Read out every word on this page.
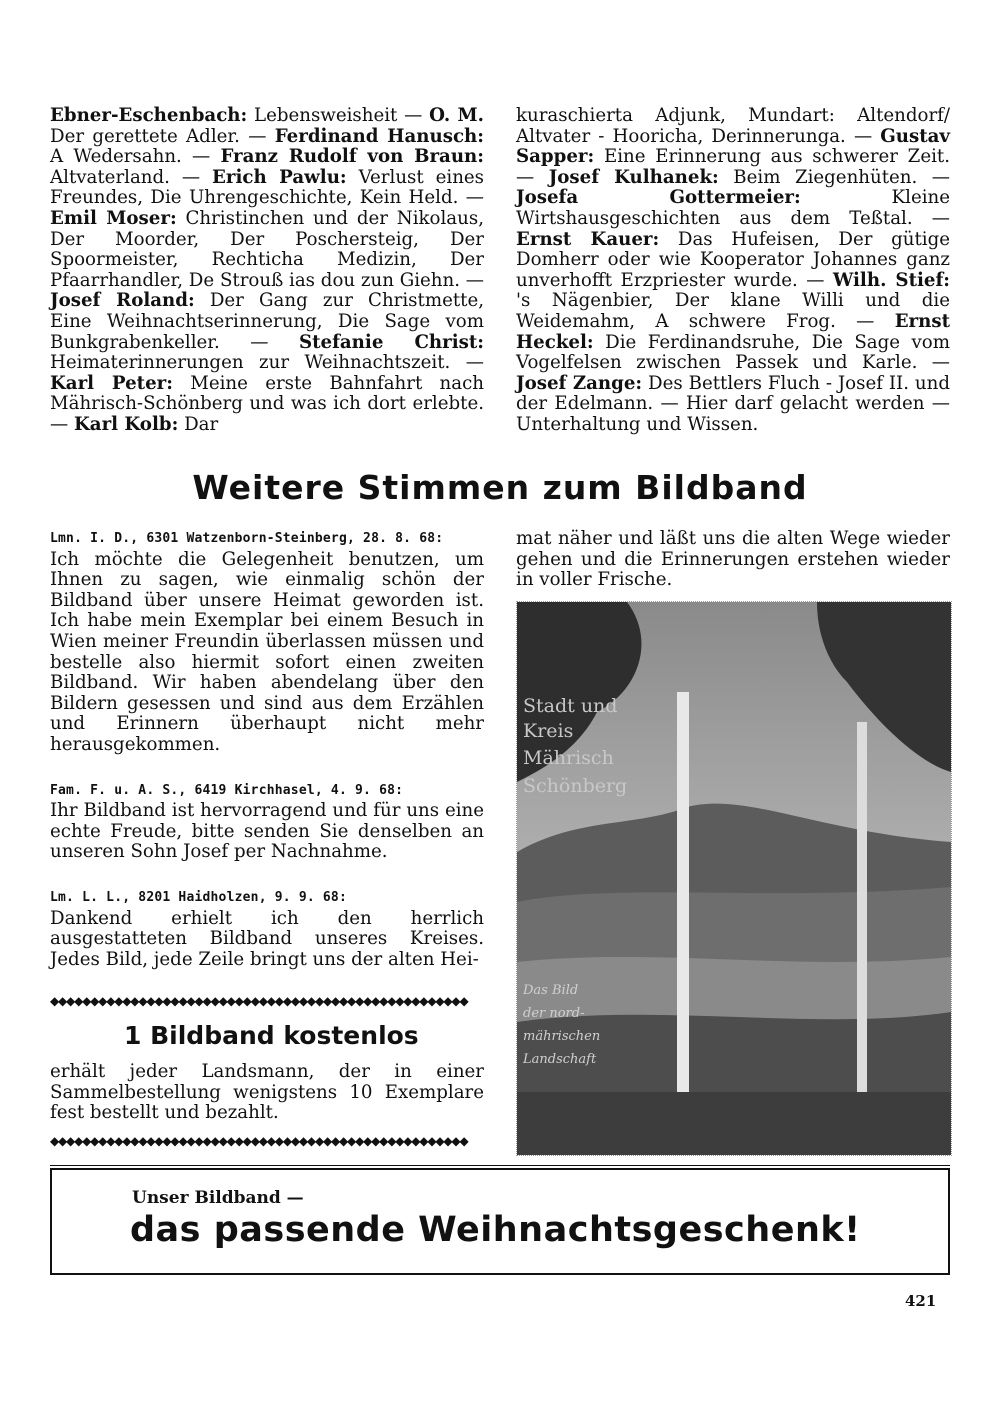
Ebner-Eschenbach: Lebensweisheit — O. M. Der gerettete Adler. — Ferdinand Hanusch: A Wedersahn. — Franz Rudolf von Braun: Altvaterland. — Erich Pawlu: Verlust eines Freundes, Die Uhrengeschichte, Kein Held. — Emil Moser: Christinchen und der Nikolaus, Der Moorder, Der Poschersteig, Der Spoormeister, Rechticha Medizin, Der Pfaarrhandler, De Strouß ias dou zun Giehn. — Josef Roland: Der Gang zur Christmette, Eine Weihnachtserinnerung, Die Sage vom Bunkgrabenkeller. — Stefanie Christ: Heimaterinnerungen zur Weihnachtszeit. — Karl Peter: Meine erste Bahnfahrt nach Mährisch-Schönberg und was ich dort erlebte. — Karl Kolb: Dar

kuraschierta Adjunk, Mundart: Altendorf/ Altvater - Hooricha, Derinnerunga. — Gustav Sapper: Eine Erinnerung aus schwerer Zeit. — Josef Kulhanek: Beim Ziegenhüten. — Josefa Gottermeier: Kleine Wirtshausgeschichten aus dem Teßtal. — Ernst Kauer: Das Hufeisen, Der gütige Domherr oder wie Kooperator Johannes ganz unverhofft Erzpriester wurde. — Wilh. Stief: 's Nägenbier, Der klane Willi und die Weidemahm, A schwere Frog. — Ernst Heckel: Die Ferdinandsruhe, Die Sage vom Vogelfelsen zwischen Passek und Karle. — Josef Zange: Des Bettlers Fluch - Josef II. und der Edelmann. — Hier darf gelacht werden — Unterhaltung und Wissen.

Weitere Stimmen zum Bildband
Lmn. I. D., 6301 Watzenborn-Steinberg, 28. 8. 68:

Ich möchte die Gelegenheit benutzen, um Ihnen zu sagen, wie einmalig schön der Bildband über unsere Heimat geworden ist. Ich habe mein Exemplar bei einem Besuch in Wien meiner Freundin überlassen müssen und bestelle also hiermit sofort einen zweiten Bildband. Wir haben abendelang über den Bildern gesessen und sind aus dem Erzählen und Erinnern überhaupt nicht mehr herausgekommen.

Fam. F. u. A. S., 6419 Kirchhasel, 4. 9. 68:

Ihr Bildband ist hervorragend und für uns eine echte Freude, bitte senden Sie denselben an unseren Sohn Josef per Nachnahme.

Lm. L. L., 8201 Haidholzen, 9. 9. 68:

Dankend erhielt ich den herrlich ausgestatteten Bildband unseres Kreises. Jedes Bild, jede Zeile bringt uns der alten Hei-

mat näher und läßt uns die alten Wege wieder gehen und die Erinnerungen erstehen wieder in voller Frische.

◆◆◆◆◆◆◆◆◆◆◆◆◆◆◆◆◆◆◆◆◆◆◆◆◆◆◆◆◆◆◆◆◆◆◆◆◆◆◆◆◆◆◆◆◆◆◆◆◆◆◆◆
1 Bildband kostenlos

erhält jeder Landsmann, der in einer Sammelbestellung wenigstens 10 Exemplare fest bestellt und bezahlt.

◆◆◆◆◆◆◆◆◆◆◆◆◆◆◆◆◆◆◆◆◆◆◆◆◆◆◆◆◆◆◆◆◆◆◆◆◆◆◆◆◆◆◆◆◆◆◆◆◆◆◆◆
Stadt und
Kreis
Mährisch
Schönberg
Das Bild
der nord-
mährischen
Landschaft
Unser Bildband —
das passende Weihnachtsgeschenk!
421
